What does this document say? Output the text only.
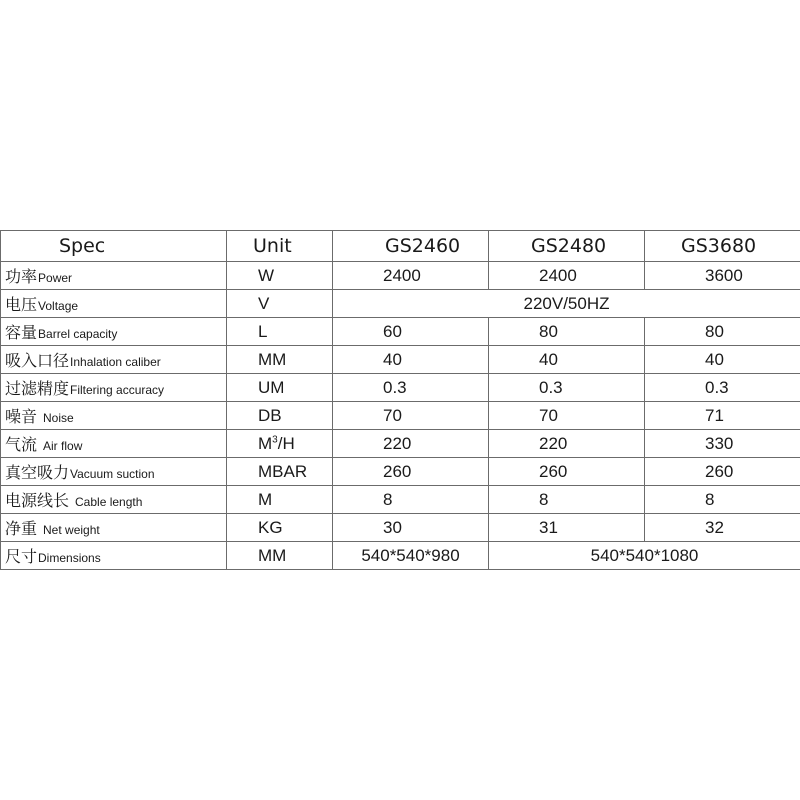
Spec	Unit	GS2460	GS2480	GS3680
功率Power	W	2400	2400	3600
电压Voltage	V	220V/50HZ		
容量Barrel capacity	L	60	80	80
吸入口径Inhalation caliber	MM	40	40	40
过滤精度Filtering accuracy	UM	0.3	0.3	0.3
噪音 Noise	DB	70	70	71
气流 Air flow	$M^3/H$	220	220	330
真空吸力Vacuum suction	MBAR	260	260	260
电源线长 Cable length	M	8	8	8
净重 Net weight	KG	30	31	32
尺寸Dimensions	MM	540*540*980	540*540*1080	
